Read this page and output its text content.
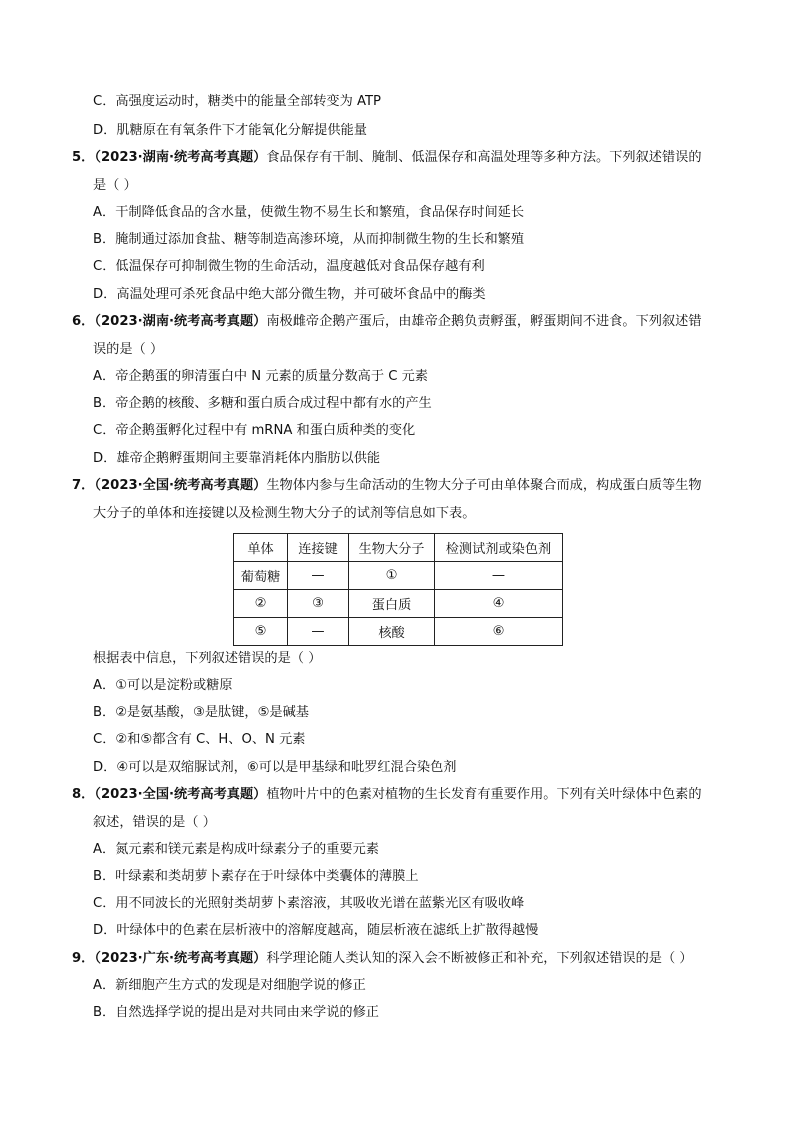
C．高强度运动时，糖类中的能量全部转变为 ATP
D．肌糖原在有氧条件下才能氧化分解提供能量
5．（2023·湖南·统考高考真题）食品保存有干制、腌制、低温保存和高温处理等多种方法。下列叙述错误的
是（ ）
A．干制降低食品的含水量，使微生物不易生长和繁殖，食品保存时间延长
B．腌制通过添加食盐、糖等制造高渗环境，从而抑制微生物的生长和繁殖
C．低温保存可抑制微生物的生命活动，温度越低对食品保存越有利
D．高温处理可杀死食品中绝大部分微生物，并可破坏食品中的酶类
6．（2023·湖南·统考高考真题）南极雌帝企鹅产蛋后，由雄帝企鹅负责孵蛋，孵蛋期间不进食。下列叙述错
误的是（ ）
A．帝企鹅蛋的卵清蛋白中 N 元素的质量分数高于 C 元素
B．帝企鹅的核酸、多糖和蛋白质合成过程中都有水的产生
C．帝企鹅蛋孵化过程中有 mRNA 和蛋白质种类的变化
D．雄帝企鹅孵蛋期间主要靠消耗体内脂肪以供能
7．（2023·全国·统考高考真题）生物体内参与生命活动的生物大分子可由单体聚合而成，构成蛋白质等生物
大分子的单体和连接键以及检测生物大分子的试剂等信息如下表。
根据表中信息，下列叙述错误的是（ ）
A．①可以是淀粉或糖原
B．②是氨基酸，③是肽键，⑤是碱基
C．②和⑤都含有 C、H、O、N 元素
D．④可以是双缩脲试剂，⑥可以是甲基绿和吡罗红混合染色剂
8．（2023·全国·统考高考真题）植物叶片中的色素对植物的生长发育有重要作用。下列有关叶绿体中色素的
叙述，错误的是（ ）
A．氮元素和镁元素是构成叶绿素分子的重要元素
B．叶绿素和类胡萝卜素存在于叶绿体中类囊体的薄膜上
C．用不同波长的光照射类胡萝卜素溶液，其吸收光谱在蓝紫光区有吸收峰
D．叶绿体中的色素在层析液中的溶解度越高，随层析液在滤纸上扩散得越慢
9．（2023·广东·统考高考真题）科学理论随人类认知的深入会不断被修正和补充，下列叙述错误的是（ ）
A．新细胞产生方式的发现是对细胞学说的修正
B．自然选择学说的提出是对共同由来学说的修正
单体	连接键	生物大分子	检测试剂或染色剂
葡萄糖	—	①	—
②	③	蛋白质	④
⑤	—	核酸	⑥
